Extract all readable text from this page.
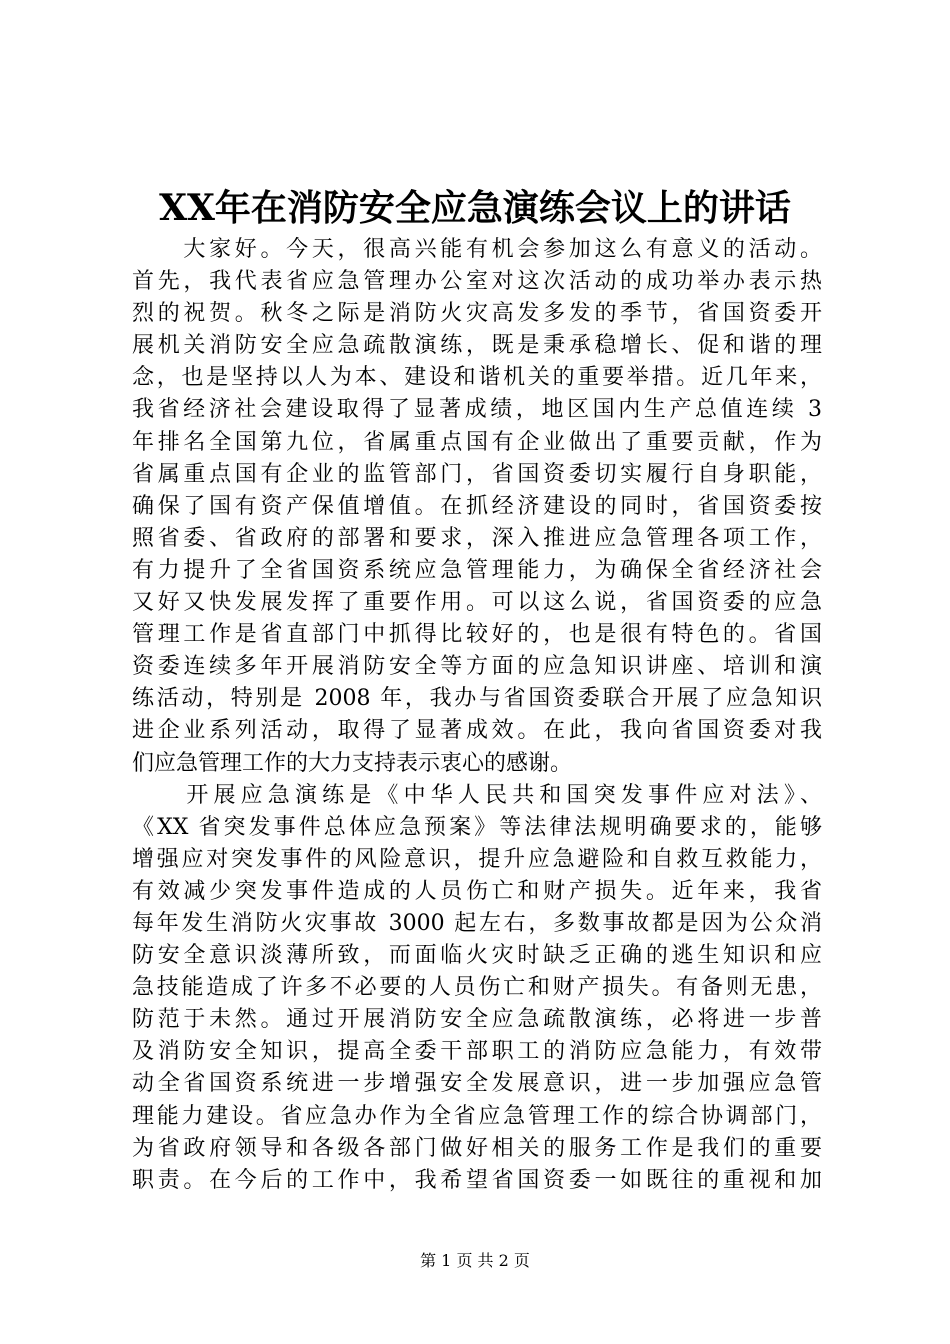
XX年在消防安全应急演练会议上的讲话
　　大家好。今天，很高兴能有机会参加这么有意义的活动。
首先，我代表省应急管理办公室对这次活动的成功举办表示热
烈的祝贺。秋冬之际是消防火灾高发多发的季节，省国资委开
展机关消防安全应急疏散演练，既是秉承稳增长、促和谐的理
念，也是坚持以人为本、建设和谐机关的重要举措。近几年来，
我省经济社会建设取得了显著成绩，地区国内生产总值连续 3
年排名全国第九位，省属重点国有企业做出了重要贡献，作为
省属重点国有企业的监管部门，省国资委切实履行自身职能，
确保了国有资产保值增值。在抓经济建设的同时，省国资委按
照省委、省政府的部署和要求，深入推进应急管理各项工作，
有力提升了全省国资系统应急管理能力，为确保全省经济社会
又好又快发展发挥了重要作用。可以这么说，省国资委的应急
管理工作是省直部门中抓得比较好的，也是很有特色的。省国
资委连续多年开展消防安全等方面的应急知识讲座、培训和演
练活动，特别是 2008 年，我办与省国资委联合开展了应急知识
进企业系列活动，取得了显著成效。在此，我向省国资委对我
们应急管理工作的大力支持表示衷心的感谢。
　　开展应急演练是《中华人民共和国突发事件应对法》、
《XX 省突发事件总体应急预案》等法律法规明确要求的，能够
增强应对突发事件的风险意识，提升应急避险和自救互救能力，
有效减少突发事件造成的人员伤亡和财产损失。近年来，我省
每年发生消防火灾事故 3000 起左右，多数事故都是因为公众消
防安全意识淡薄所致，而面临火灾时缺乏正确的逃生知识和应
急技能造成了许多不必要的人员伤亡和财产损失。有备则无患，
防范于未然。通过开展消防安全应急疏散演练，必将进一步普
及消防安全知识，提高全委干部职工的消防应急能力，有效带
动全省国资系统进一步增强安全发展意识，进一步加强应急管
理能力建设。省应急办作为全省应急管理工作的综合协调部门，
为省政府领导和各级各部门做好相关的服务工作是我们的重要
职责。在今后的工作中，我希望省国资委一如既往的重视和加
第 1 页 共 2 页
